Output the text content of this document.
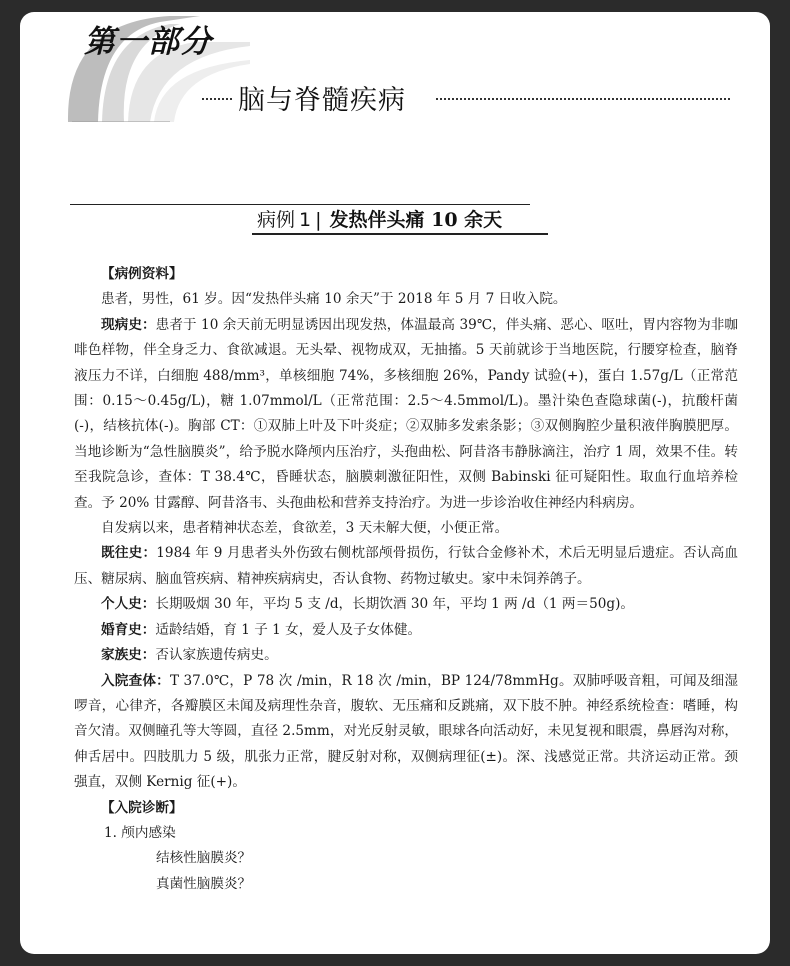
第一部分
脑与脊髓疾病
病例 1 | 发热伴头痛 10 余天

【病例资料】

患者，男性，61 岁。因“发热伴头痛 10 余天”于 2018 年 5 月 7 日收入院。

现病史：患者于 10 余天前无明显诱因出现发热，体温最高 39℃，伴头痛、恶心、呕吐，胃内容物为非咖啡色样物，伴全身乏力、食欲减退。无头晕、视物成双，无抽搐。5 天前就诊于当地医院，行腰穿检查，脑脊液压力不详，白细胞 488/mm³，单核细胞 74%，多核细胞 26%，Pandy 试验(+)，蛋白 1.57g/L（正常范围：0.15～0.45g/L)，糖 1.07mmol/L（正常范围：2.5～4.5mmol/L)。墨汁染色查隐球菌(-)，抗酸杆菌(-)，结核抗体(-)。胸部 CT：①双肺上叶及下叶炎症；②双肺多发索条影；③双侧胸腔少量积液伴胸膜肥厚。当地诊断为“急性脑膜炎”，给予脱水降颅内压治疗，头孢曲松、阿昔洛韦静脉滴注，治疗 1 周，效果不佳。转至我院急诊，查体：T 38.4℃，昏睡状态，脑膜刺激征阳性，双侧 Babinski 征可疑阳性。取血行血培养检查。予 20% 甘露醇、阿昔洛韦、头孢曲松和营养支持治疗。为进一步诊治收住神经内科病房。

自发病以来，患者精神状态差，食欲差，3 天未解大便，小便正常。

既往史：1984 年 9 月患者头外伤致右侧枕部颅骨损伤，行钛合金修补术，术后无明显后遗症。否认高血压、糖尿病、脑血管疾病、精神疾病病史，否认食物、药物过敏史。家中未饲养鸽子。

个人史：长期吸烟 30 年，平均 5 支 /d，长期饮酒 30 年，平均 1 两 /d（1 两＝50g)。

婚育史：适龄结婚，育 1 子 1 女，爱人及子女体健。

家族史：否认家族遗传病史。

入院查体：T 37.0℃，P 78 次 /min，R 18 次 /min，BP 124/78mmHg。双肺呼吸音粗，可闻及细湿啰音，心律齐，各瓣膜区未闻及病理性杂音，腹软、无压痛和反跳痛，双下肢不肿。神经系统检查：嗜睡，构音欠清。双侧瞳孔等大等圆，直径 2.5mm，对光反射灵敏，眼球各向活动好，未见复视和眼震，鼻唇沟对称，伸舌居中。四肢肌力 5 级，肌张力正常，腱反射对称，双侧病理征(±)。深、浅感觉正常。共济运动正常。颈强直，双侧 Kernig 征(+)。

【入院诊断】

1. 颅内感染

结核性脑膜炎？

真菌性脑膜炎？
